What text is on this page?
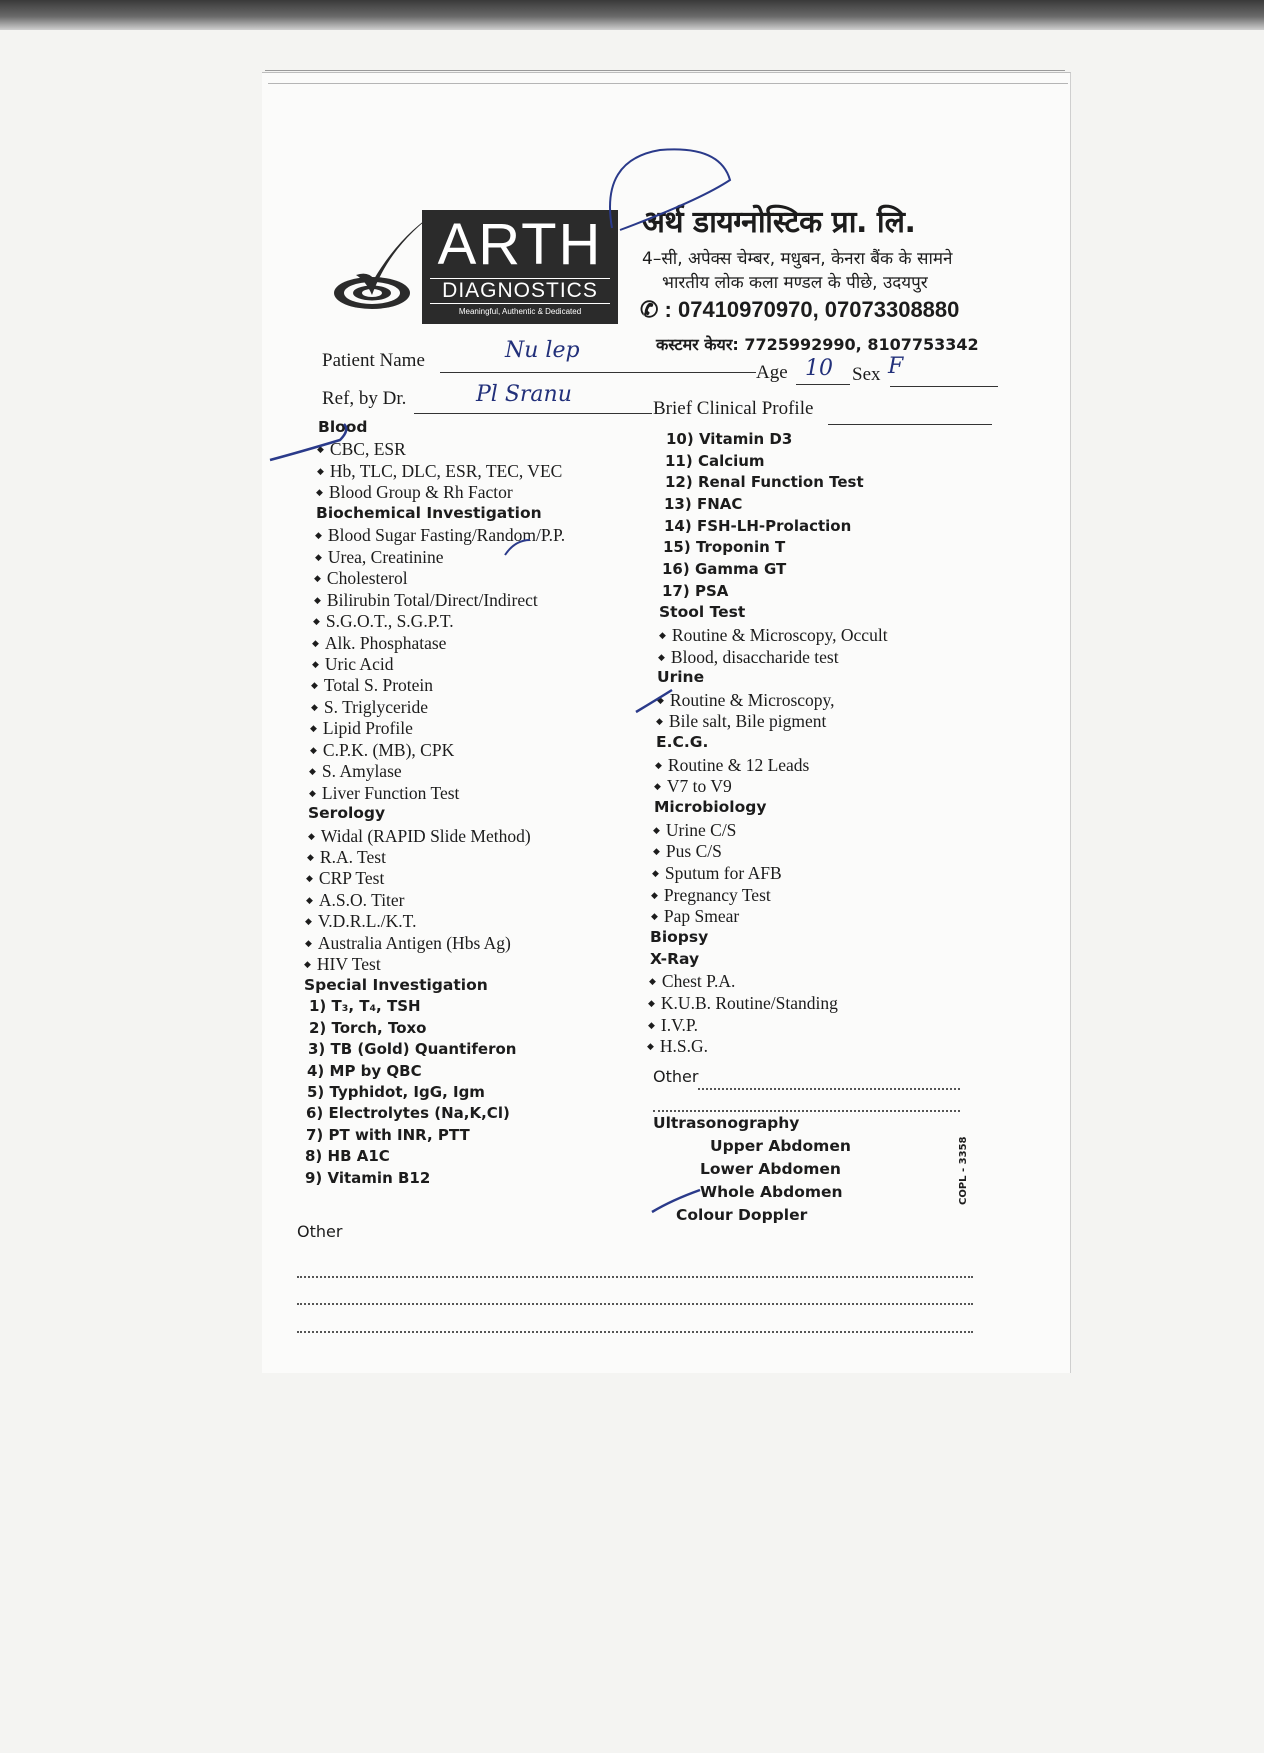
ARTH
DIAGNOSTICS
Meaningful, Authentic & Dedicated
अर्थ डायग्नोस्टिक प्रा. लि.
4–सी, अपेक्स चेम्बर, मधुबन, केनरा बैंक के सामने
भारतीय लोक कला मण्डल के पीछे, उदयपुर
✆ : 07410970970, 07073308880
कस्टमर केयर: 7725992990, 8107753342
Patient Name	Nu lep
Age 10 Sex F
Ref, by Dr.	Pl Sranu
Brief Clinical Profile
Blood
◆ CBC, ESR
◆ Hb, TLC, DLC, ESR, TEC, VEC
◆ Blood Group & Rh Factor
Biochemical Investigation
◆ Blood Sugar Fasting/Random/P.P.
◆ Urea, Creatinine
◆ Cholesterol
◆ Bilirubin Total/Direct/Indirect
◆ S.G.O.T., S.G.P.T.
◆ Alk. Phosphatase
◆ Uric Acid
◆ Total S. Protein
◆ S. Triglyceride
◆ Lipid Profile
◆ C.P.K. (MB), CPK
◆ S. Amylase
◆ Liver Function Test
Serology
◆ Widal (RAPID Slide Method)
◆ R.A. Test
◆ CRP Test
◆ A.S.O. Titer
◆ V.D.R.L./K.T.
◆ Australia Antigen (Hbs Ag)
◆ HIV Test
Special Investigation
1) T₃, T₄, TSH
2) Torch, Toxo
3) TB (Gold) Quantiferon
4) MP by QBC
5) Typhidot, IgG, Igm
6) Electrolytes (Na,K,Cl)
7) PT with INR, PTT
8) HB A1C
9) Vitamin B12
10) Vitamin D3
11) Calcium
12) Renal Function Test
13) FNAC
14) FSH-LH-Prolaction
15) Troponin T
16) Gamma GT
17) PSA
Stool Test
◆ Routine & Microscopy, Occult
◆ Blood, disaccharide test
Urine
◆ Routine & Microscopy,
◆ Bile salt, Bile pigment
E.C.G.
◆ Routine & 12 Leads
◆ V7 to V9
Microbiology
◆ Urine C/S
◆ Pus C/S
◆ Sputum for AFB
◆ Pregnancy Test
◆ Pap Smear
Biopsy
X-Ray
◆ Chest P.A.
◆ K.U.B. Routine/Standing
◆ I.V.P.
◆ H.S.G.
Other
Ultrasonography
Upper Abdomen
Lower Abdomen
Whole Abdomen
Colour Doppler
Other
COPL - 3358
